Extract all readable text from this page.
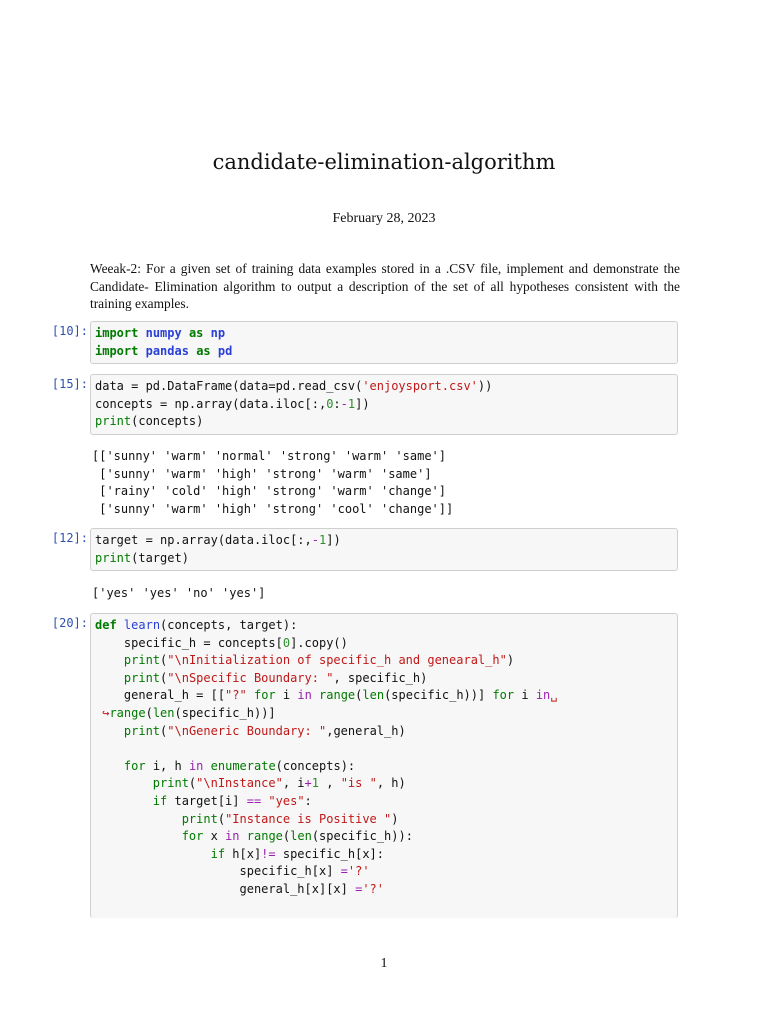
candidate-elimination-algorithm
February 28, 2023
Weeak-2: For a given set of training data examples stored in a .CSV file, implement and demonstrate the Candidate- Elimination algorithm to output a description of the set of all hypotheses consistent with the training examples.
[10]: import numpy as np
import pandas as pd
[15]: data = pd.DataFrame(data=pd.read_csv('enjoysport.csv'))
concepts = np.array(data.iloc[:,0:-1])
print(concepts)
[['sunny' 'warm' 'normal' 'strong' 'warm' 'same']
['sunny' 'warm' 'high' 'strong' 'warm' 'same']
['rainy' 'cold' 'high' 'strong' 'warm' 'change']
['sunny' 'warm' 'high' 'strong' 'cool' 'change']]
[12]: target = np.array(data.iloc[:,-1])
print(target)
['yes' 'yes' 'no' 'yes']
[20]: def learn(concepts, target):
specific_h = concepts[0].copy()
print("\nInitialization of specific_h and genearal_h")
print("\nSpecific Boundary: ", specific_h)
general_h = [["?" for i in range(len(specific_h))] for i in␣
↪range(len(specific_h))]
print("\nGeneric Boundary: ",general_h)

for i, h in enumerate(concepts):
print("\nInstance", i+1 , "is ", h)
if target[i] == "yes":
print("Instance is Positive ")
for x in range(len(specific_h)):
if h[x]!= specific_h[x]:
specific_h[x] ='?'
general_h[x][x] ='?'
1
